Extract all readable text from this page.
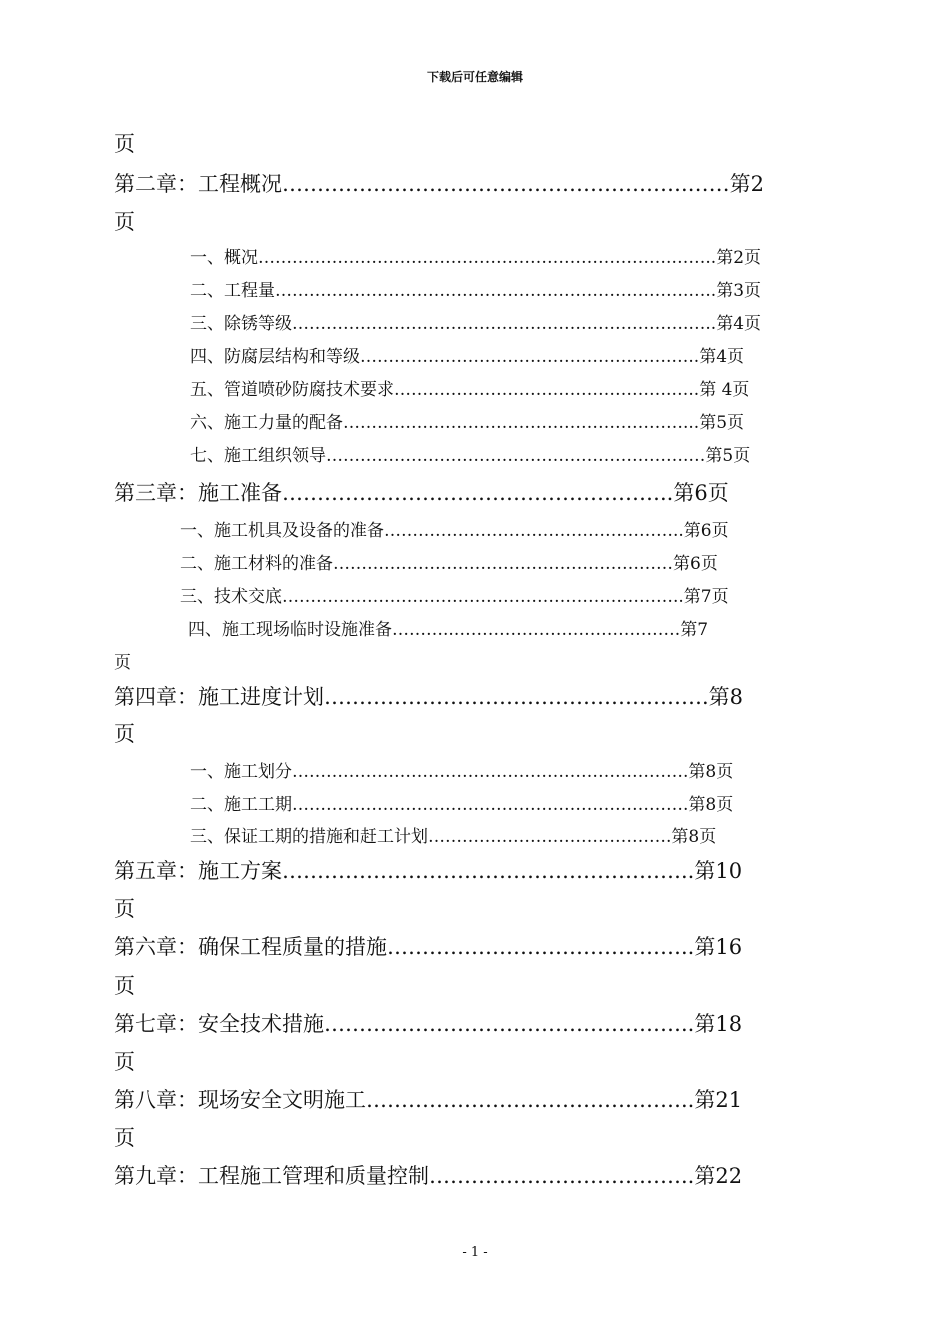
下载后可任意编辑
页
第二章：工程概况………………………………………………….……第2
页
一、概况……………………………………………………………….……..第2页
二、工程量……………………………………………………………….…..第3页
三、除锈等级…………………………………………………………….…..第4页
四、防腐层结构和等级……………………………………………….…..第4页
五、管道喷砂防腐技术要求………………………………………….…..第 4页
六、施工力量的配备……………………………………………………...第5页
七、施工组织领导……………………………………………………….…第5页
第三章：施工准备………………………………………………..第6页
一、施工机具及设备的准备……………………………………………..第6页
二、施工材料的准备……………………………………………………第6页
三、技术交底……………………………………………………………..第7页
四、施工现场临时设施准备………..………………………………….第7
页
第四章：施工进度计划……………………………………………….第8
页
一、施工划分…………………………………………………………….第8页
二、施工工期…………………………………………………………….第8页
三、保证工期的措施和赶工计划…………………………………….第8页
第五章：施工方案…………………………………………………..第10
页
第六章：确保工程质量的措施……………………………………..第16
页
第七章：安全技术措施……………………………………………..第18
页
第八章：现场安全文明施工………………………………………..第21
页
第九章：工程施工管理和质量控制………………………………..第22
- 1 -
